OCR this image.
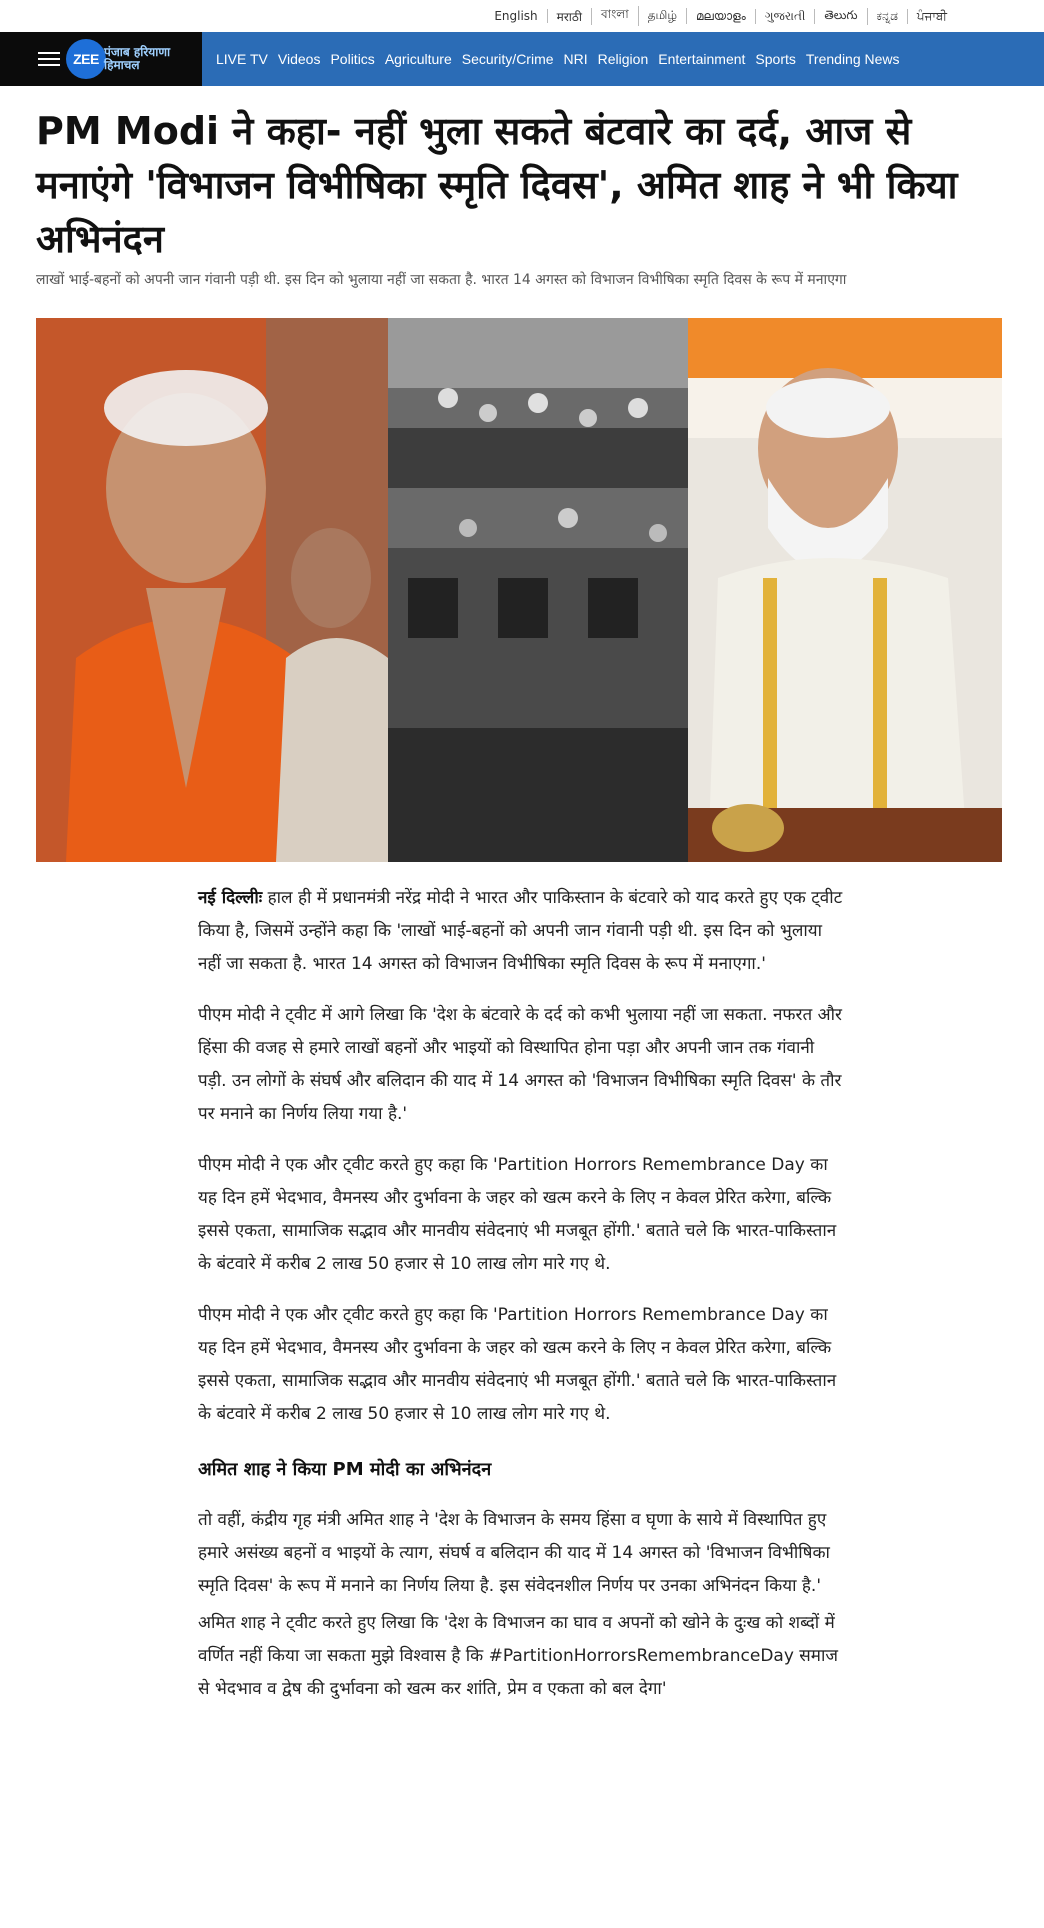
English	मराठी	বাংলা	தமிழ்	മലയാളം	ગુજરાતી	తెలుగు	ಕನ್ನಡ	ਪੰਜਾਬੀ
ZEE पंजाब हरियाणा हिमाचल	LIVE TV Videos Politics Agriculture Security/Crime NRI Religion Entertainment Sports Trending News
PM Modi ने कहा- नहीं भुला सकते बंटवारे का दर्द, आज से मनाएंगे 'विभाजन विभीषिका स्मृति दिवस', अमित शाह ने भी किया अभिनंदन
लाखों भाई-बहनों को अपनी जान गंवानी पड़ी थी. इस दिन को भुलाया नहीं जा सकता है. भारत 14 अगस्त को विभाजन विभीषिका स्मृति दिवस के रूप में मनाएगा

नई दिल्लीः हाल ही में प्रधानमंत्री नरेंद्र मोदी ने भारत और पाकिस्तान के बंटवारे को याद करते हुए एक ट्वीट किया है, जिसमें उन्होंने कहा कि 'लाखों भाई-बहनों को अपनी जान गंवानी पड़ी थी. इस दिन को भुलाया नहीं जा सकता है. भारत 14 अगस्त को विभाजन विभीषिका स्मृति दिवस के रूप में मनाएगा.'

पीएम मोदी ने ट्वीट में आगे लिखा कि 'देश के बंटवारे के दर्द को कभी भुलाया नहीं जा सकता. नफरत और हिंसा की वजह से हमारे लाखों बहनों और भाइयों को विस्थापित होना पड़ा और अपनी जान तक गंवानी पड़ी. उन लोगों के संघर्ष और बलिदान की याद में 14 अगस्त को 'विभाजन विभीषिका स्मृति दिवस' के तौर पर मनाने का निर्णय लिया गया है.'

पीएम मोदी ने एक और ट्वीट करते हुए कहा कि 'Partition Horrors Remembrance Day का यह दिन हमें भेदभाव, वैमनस्य और दुर्भावना के जहर को खत्म करने के लिए न केवल प्रेरित करेगा, बल्कि इससे एकता, सामाजिक सद्भाव और मानवीय संवेदनाएं भी मजबूत होंगी.' बताते चले कि भारत-पाकिस्तान के बंटवारे में करीब 2 लाख 50 हजार से 10 लाख लोग मारे गए थे.

पीएम मोदी ने एक और ट्वीट करते हुए कहा कि 'Partition Horrors Remembrance Day का यह दिन हमें भेदभाव, वैमनस्य और दुर्भावना के जहर को खत्म करने के लिए न केवल प्रेरित करेगा, बल्कि इससे एकता, सामाजिक सद्भाव और मानवीय संवेदनाएं भी मजबूत होंगी.' बताते चले कि भारत-पाकिस्तान के बंटवारे में करीब 2 लाख 50 हजार से 10 लाख लोग मारे गए थे.

अमित शाह ने किया PM मोदी का अभिनंदन

तो वहीं, कंद्रीय गृह मंत्री अमित शाह ने 'देश के विभाजन के समय हिंसा व घृणा के साये में विस्थापित हुए हमारे असंख्य बहनों व भाइयों के त्याग, संघर्ष व बलिदान की याद में 14 अगस्त को 'विभाजन विभीषिका स्मृति दिवस' के रूप में मनाने का निर्णय लिया है. इस संवेदनशील निर्णय पर उनका अभिनंदन किया है.'

अमित शाह ने ट्वीट करते हुए लिखा कि 'देश के विभाजन का घाव व अपनों को खोने के दुःख को शब्दों में वर्णित नहीं किया जा सकता मुझे विश्वास है कि #PartitionHorrorsRemembranceDay समाज से भेदभाव व द्वेष की दुर्भावना को खत्म कर शांति, प्रेम व एकता को बल देगा'
